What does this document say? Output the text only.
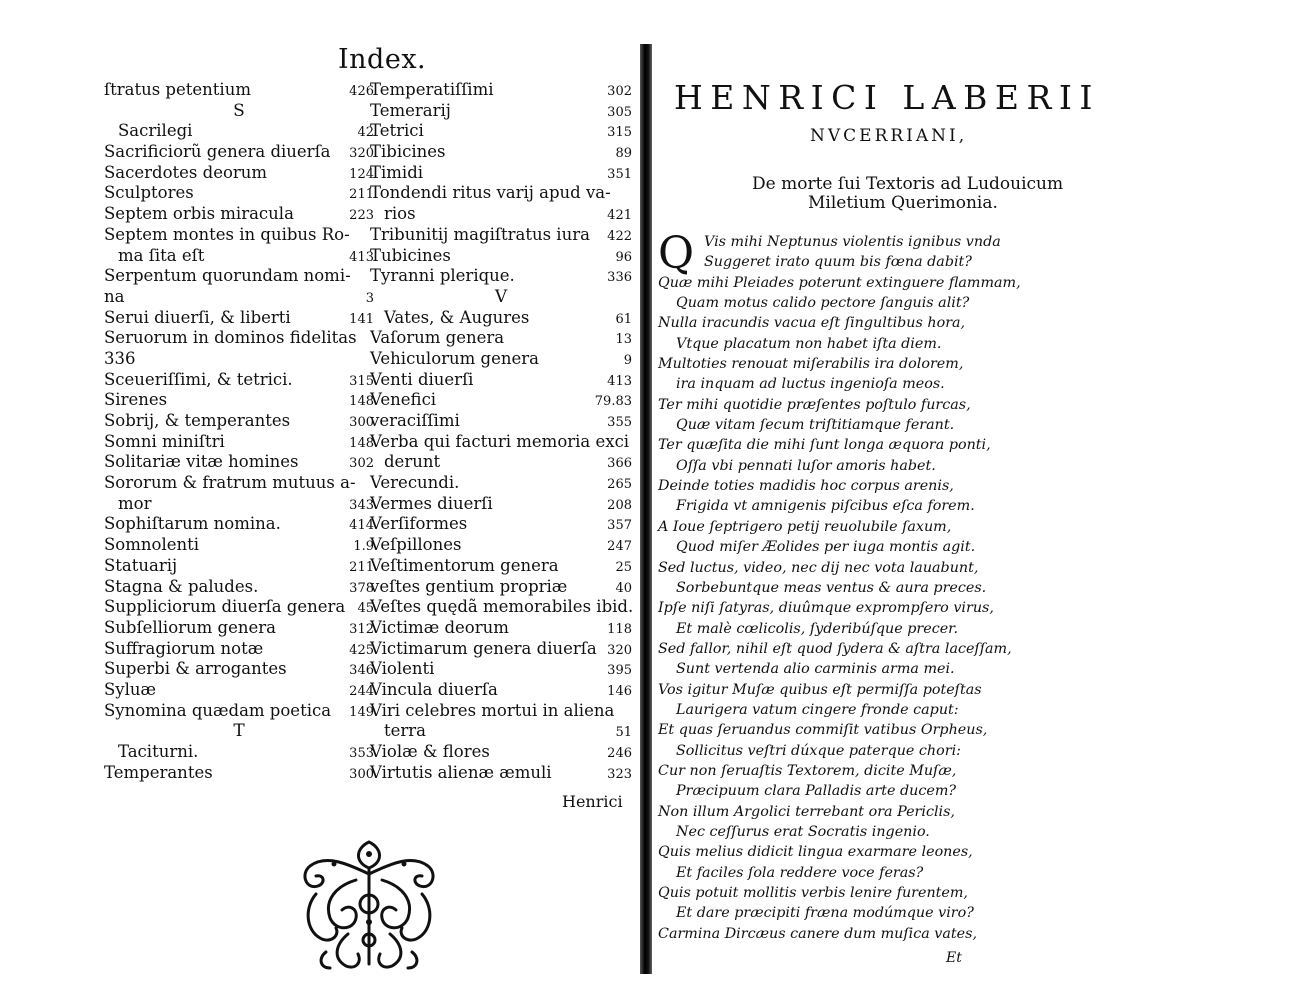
Index.
ſtratus petentium	426
S
Sacrilegi	42
Sacrificiorũ genera diuerſa 320
Sacerdotes deorum	124
Sculptores	211
Septem orbis miracula	223
Septem montes in quibus Ro-
ma ſita eſt	413
Serpentum quorundam nomi-
na	3
Serui diuerſi, & liberti	141
Seruorum in dominos fidelitas
336
Sceueriſſimi, & tetrici.	315
Sirenes	148
Sobrij, & temperantes	300
Somni miniſtri	148
Solitariæ vitæ homines	302
Sororum & fratrum mutuus a-
mor	343
Sophiſtarum nomina.	414
Somnolenti	1.9
Statuarij	211
Stagna & paludes.	378
Suppliciorum diuerſa genera 45
Subſelliorum genera	312
Suffragiorum notæ	425
Superbi & arrogantes	346
Syluæ	244
Synomina quædam poetica 149
T
Taciturni.	353
Temperantes	300
Temperatiſſimi	302
Temerarij	305
Tetrici	315
Tibicines	89
Timidi	351
Tondendi ritus varij apud va-
rios	421
Tribunitij magiſtratus iura 422
Tubicines	96
Tyranni plerique.	336
V
Vates, & Augures	61
Vaſorum genera	13
Vehiculorum genera	9
Venti diuerſi	413
Venefici	79.83
veraciſſimi	355
Verba qui facturi memoria exci
derunt	366
Verecundi.	265
Vermes diuerſi	208
Verſiformes	357
Veſpillones	247
Veſtimentorum genera	25
veſtes gentium propriæ	40
Veſtes quędã memorabiles ibid.
Victimæ deorum	118
Victimarum genera diuerſa 320
Violenti	395
Vincula diuerſa	146
Viri celebres mortui in aliena
terra	51
Violæ & flores	246
Virtutis alienæ æmuli	323
Henrici
HENRICI LABERII
NVCERRIANI,
De morte ſui Textoris ad Ludouicum
Miletium Querimonia.
Q Vis mihi Neptunus violentis ignibus vnda
Suggeret irato quum bis fœna dabit?
Quæ mihi Pleiades poterunt extinguere flammam,
Quam motus calido pectore ſanguis alit?
Nulla iracundis vacua eſt ſingultibus hora,
Vtque placatum non habet iſta diem.
Multoties renouat miſerabilis ira dolorem,
ira inquam ad luctus ingenioſa meos.
Ter mihi quotidie præſentes poſtulo furcas,
Quæ vitam ſecum triſtitiamque ferant.
Ter quæſita die mihi ſunt longa æquora ponti,
Oſſa vbi pennati luſor amoris habet.
Deinde toties madidis hoc corpus arenis,
Frigida vt amnigenis piſcibus eſca forem.
A Ioue ſeptrigero petij reuolubile ſaxum,
Quod miſer Æolides per iuga montis agit.
Sed luctus, video, nec dij nec vota lauabunt,
Sorbebuntque meas ventus & aura preces.
Ipſe niſi ſatyras, diuûmque exprompſero virus,
Et malè cœlicolis, ſyderibúſque precer.
Sed fallor, nihil eſt quod ſydera & aſtra laceſſam,
Sunt vertenda alio carminis arma mei.
Vos igitur Muſæ quibus eſt permiſſa poteſtas
Laurigera vatum cingere fronde caput:
Et quas ſeruandus commiſit vatibus Orpheus,
Sollicitus veſtri dúxque paterque chori:
Cur non ſeruaſtis Textorem, dicite Muſæ,
Præcipuum clara Palladis arte ducem?
Non illum Argolici terrebant ora Periclis,
Nec ceſſurus erat Socratis ingenio.
Quis melius didicit lingua exarmare leones,
Et faciles ſola reddere voce feras?
Quis potuit mollitis verbis lenire furentem,
Et dare præcipiti fræna modúmque viro?
Carmina Dircæus canere dum muſica vates,
Et
